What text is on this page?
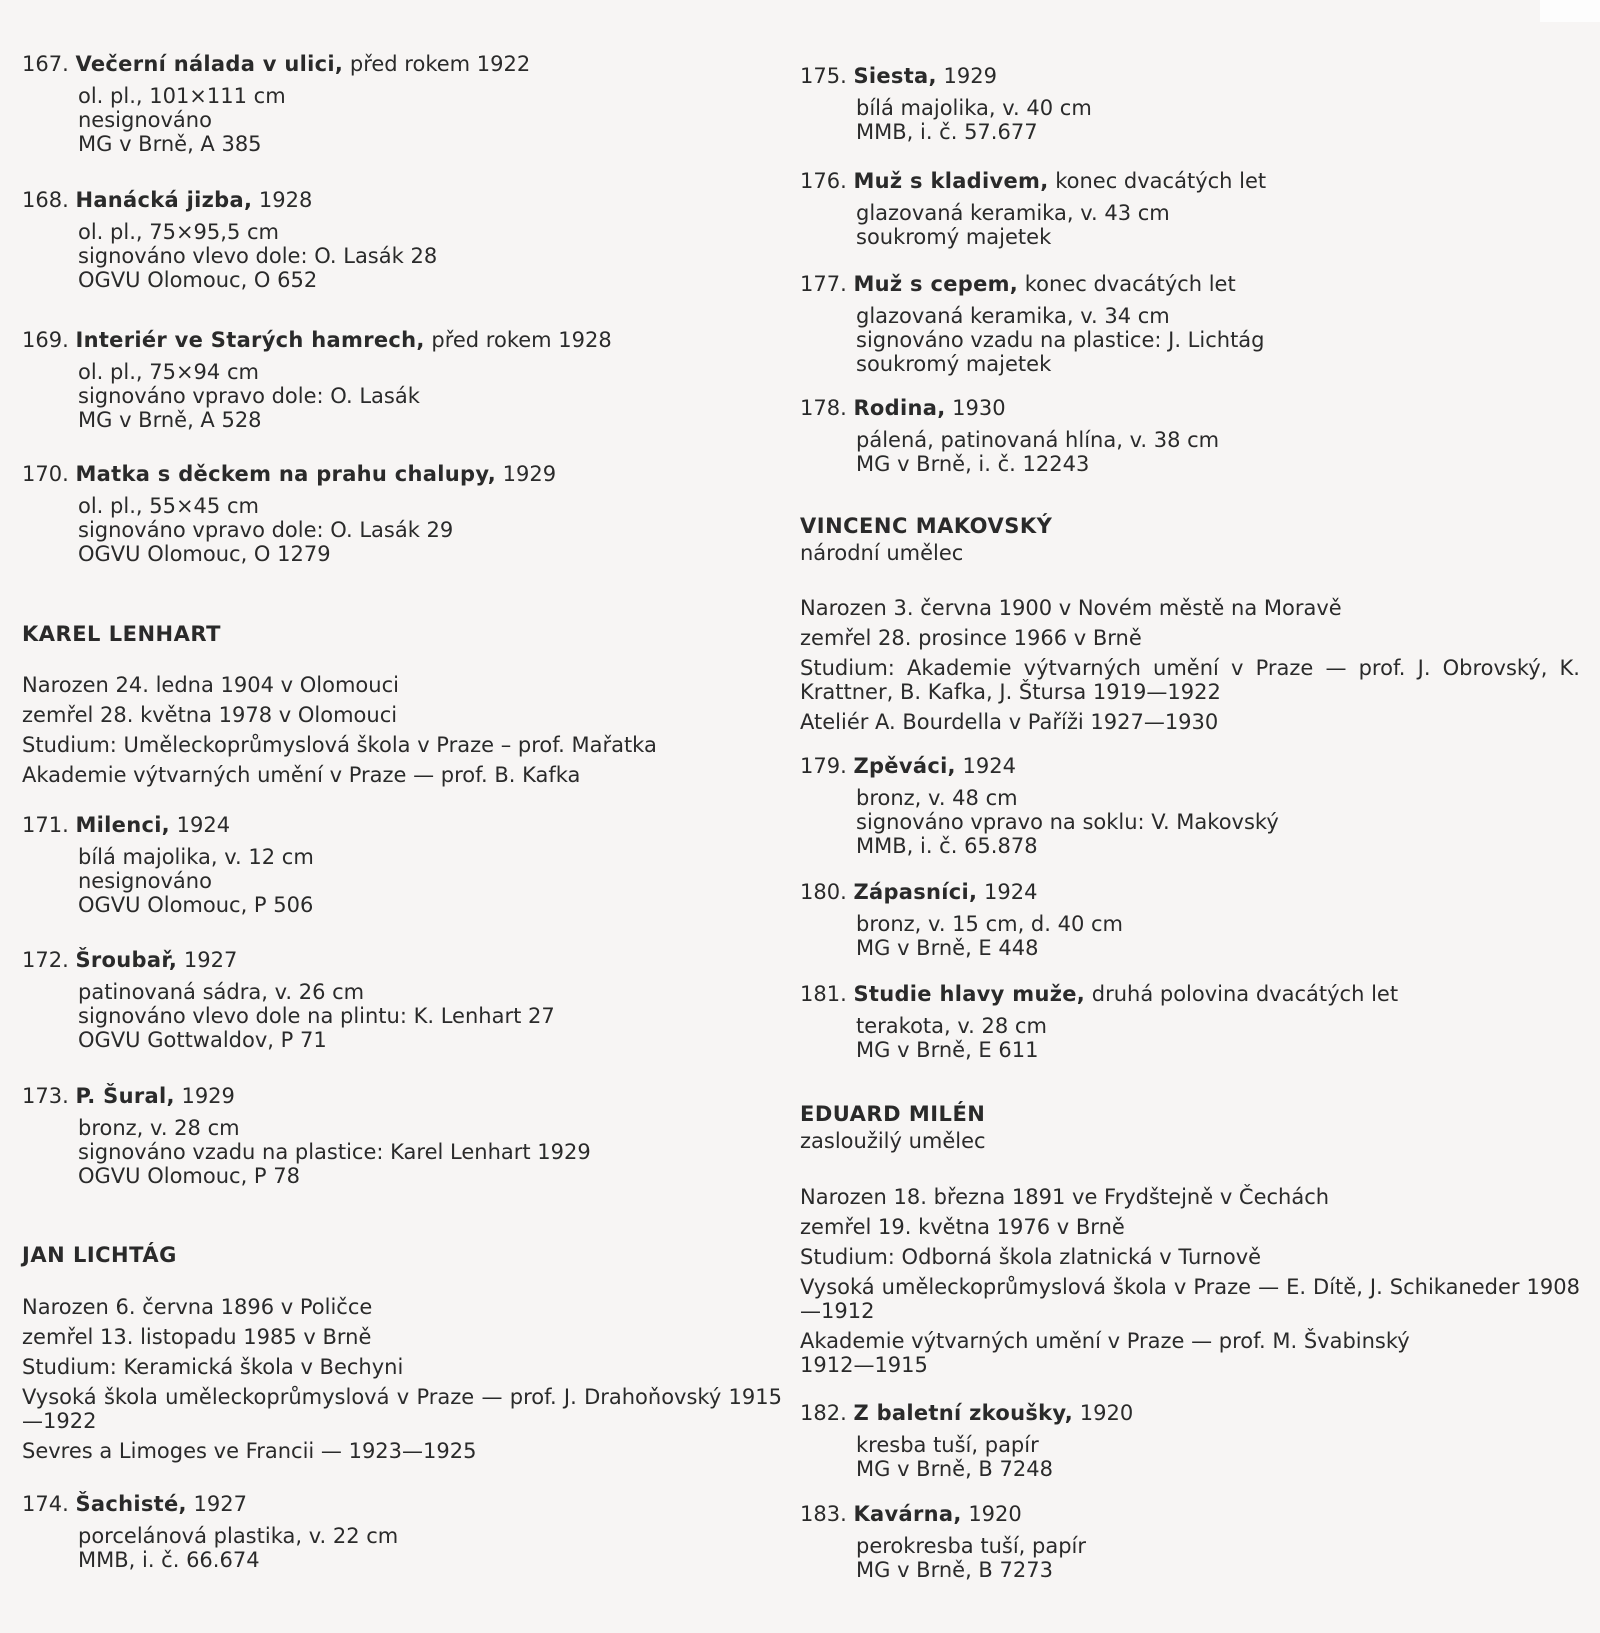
167. Večerní nálada v ulici, před rokem 1922
ol. pl., 101×111 cm
nesignováno
MG v Brně, A 385
168. Hanácká jizba, 1928
ol. pl., 75×95,5 cm
signováno vlevo dole: O. Lasák 28
OGVU Olomouc, O 652
169. Interiér ve Starých hamrech, před rokem 1928
ol. pl., 75×94 cm
signováno vpravo dole: O. Lasák
MG v Brně, A 528
170. Matka s děckem na prahu chalupy, 1929
ol. pl., 55×45 cm
signováno vpravo dole: O. Lasák 29
OGVU Olomouc, O 1279
KAREL LENHART
Narozen 24. ledna 1904 v Olomouci
zemřel 28. května 1978 v Olomouci
Studium: Uměleckoprůmyslová škola v Praze – prof. Mařatka
Akademie výtvarných umění v Praze — prof. B. Kafka
171. Milenci, 1924
bílá majolika, v. 12 cm
nesignováno
OGVU Olomouc, P 506
172. Šroubař, 1927
patinovaná sádra, v. 26 cm
signováno vlevo dole na plintu: K. Lenhart 27
OGVU Gottwaldov, P 71
173. P. Šural, 1929
bronz, v. 28 cm
signováno vzadu na plastice: Karel Lenhart 1929
OGVU Olomouc, P 78
JAN LICHTÁG
Narozen 6. června 1896 v Poličce
zemřel 13. listopadu 1985 v Brně
Studium: Keramická škola v Bechyni
Vysoká škola uměleckoprůmyslová v Praze — prof. J. Drahoňovský 1915—1922
Sevres a Limoges ve Francii — 1923—1925
174. Šachisté, 1927
porcelánová plastika, v. 22 cm
MMB, i. č. 66.674
175. Siesta, 1929
bílá majolika, v. 40 cm
MMB, i. č. 57.677
176. Muž s kladivem, konec dvacátých let
glazovaná keramika, v. 43 cm
soukromý majetek
177. Muž s cepem, konec dvacátých let
glazovaná keramika, v. 34 cm
signováno vzadu na plastice: J. Lichtág
soukromý majetek
178. Rodina, 1930
pálená, patinovaná hlína, v. 38 cm
MG v Brně, i. č. 12243
VINCENC MAKOVSKÝ
národní umělec
Narozen 3. června 1900 v Novém městě na Moravě
zemřel 28. prosince 1966 v Brně
Studium: Akademie výtvarných umění v Praze — prof. J. Obrovský, K. Krattner, B. Kafka, J. Štursa 1919—1922
Ateliér A. Bourdella v Paříži 1927—1930
179. Zpěváci, 1924
bronz, v. 48 cm
signováno vpravo na soklu: V. Makovský
MMB, i. č. 65.878
180. Zápasníci, 1924
bronz, v. 15 cm, d. 40 cm
MG v Brně, E 448
181. Studie hlavy muže, druhá polovina dvacátých let
terakota, v. 28 cm
MG v Brně, E 611
EDUARD MILÉN
zasloužilý umělec
Narozen 18. března 1891 ve Frydštejně v Čechách
zemřel 19. května 1976 v Brně
Studium: Odborná škola zlatnická v Turnově
Vysoká uměleckoprůmyslová škola v Praze — E. Dítě, J. Schikaneder 1908—1912
Akademie výtvarných umění v Praze — prof. M. Švabinský 1912—1915
182. Z baletní zkoušky, 1920
kresba tuší, papír
MG v Brně, B 7248
183. Kavárna, 1920
perokresba tuší, papír
MG v Brně, B 7273
